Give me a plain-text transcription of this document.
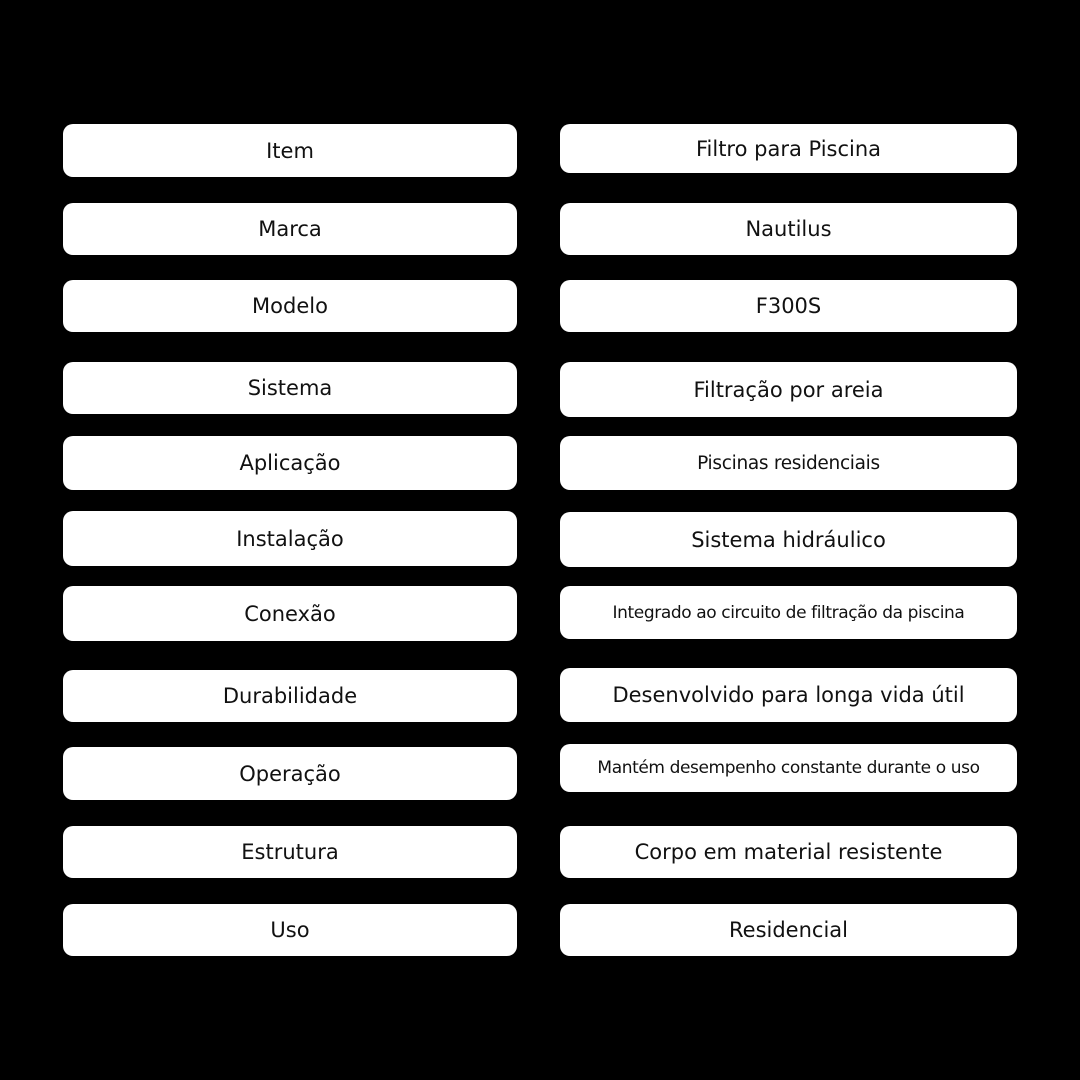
Item	Filtro para Piscina
Marca	Nautilus
Modelo	F300S
Sistema	Filtração por areia
Aplicação	Piscinas residenciais
Instalação	Sistema hidráulico
Conexão	Integrado ao circuito de filtração da piscina
Durabilidade	Desenvolvido para longa vida útil
Operação	Mantém desempenho constante durante o uso
Estrutura	Corpo em material resistente
Uso	Residencial
